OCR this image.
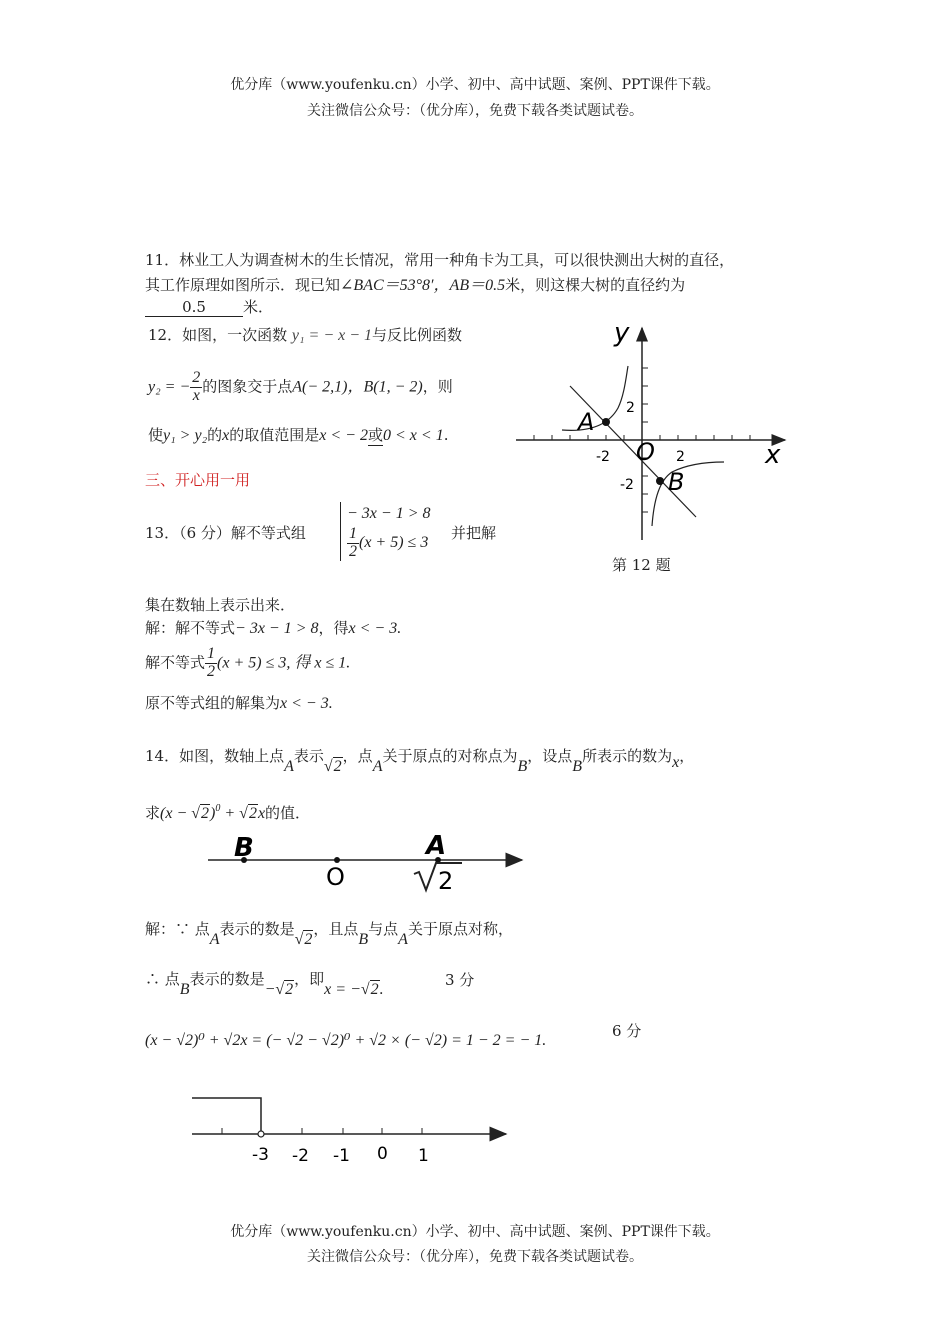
优分库（www.youfenku.cn）小学、初中、高中试题、案例、PPT课件下载。
关注微信公众号：（优分库），免费下载各类试题试卷。
11．林业工人为调查树木的生长情况，常用一种角卡为工具，可以很快测出大树的直径，
其工作原理如图所示．现已知∠BAC＝53°8′，AB＝0.5米，则这棵大树的直径约为
0.5 米．
12．如图，一次函数 y₁ = − x − 1与反比例函数
y₂ = − $\frac{2}{x}$ 的图象交于点A(− 2,1)，B(1, − 2)，则
使y₁ > y₂的x的取值范围是x < − 2或0 < x < 1.
y
x
O
A
B
2
-2
-2	2
第 12 题
三、开心用一用
13．（6 分）解不等式组
− 3x − 1 > 8
$\frac{1}{2} (x + 5) \le 3$
并把解
集在数轴上表示出来．
解：解不等式− 3x − 1 > 8，得x < − 3.
解不等式 $\frac{1}{2} (x + 5) \le 3$, 得 x ≤ 1.
原不等式组的解集为x < − 3.
14．如图，数轴上点A表示√2，点A关于原点的对称点为B，设点B所表示的数为x，
求$(x - √2)^0 + √2x$的值．
B
O
A
2
解：∵ 点A表示的数是√2，且点B与点A关于原点对称，
∴ 点B表示的数是−√2，即x = −√2.
3 分
(x − √2)⁰ + √2x = (− √2 − √2)⁰ + √2 × (− √2) = 1 − 2 = − 1.
6 分
-3 -2 -1 0 1
优分库（www.youfenku.cn）小学、初中、高中试题、案例、PPT课件下载。
关注微信公众号：（优分库），免费下载各类试题试卷。
